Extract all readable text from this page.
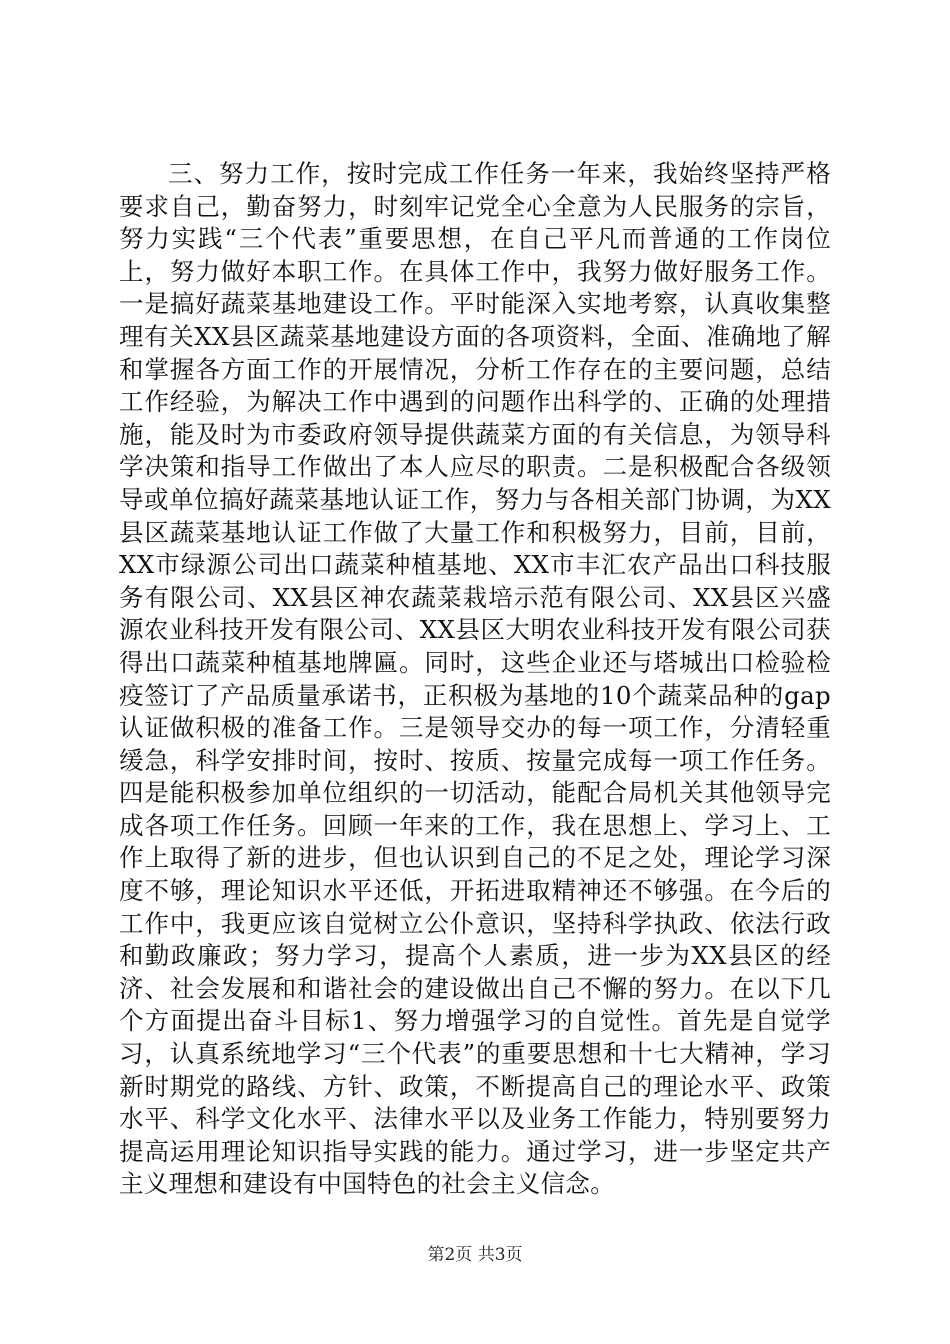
三、努力工作，按时完成工作任务一年来，我始终坚持严格要求自己，勤奋努力，时刻牢记党全心全意为人民服务的宗旨，努力实践“三个代表”重要思想，在自己平凡而普通的工作岗位上，努力做好本职工作。在具体工作中，我努力做好服务工作。一是搞好蔬菜基地建设工作。平时能深入实地考察，认真收集整理有关XX县区蔬菜基地建设方面的各项资料，全面、准确地了解和掌握各方面工作的开展情况，分析工作存在的主要问题，总结工作经验，为解决工作中遇到的问题作出科学的、正确的处理措施，能及时为市委政府领导提供蔬菜方面的有关信息，为领导科学决策和指导工作做出了本人应尽的职责。二是积极配合各级领导或单位搞好蔬菜基地认证工作，努力与各相关部门协调，为XX县区蔬菜基地认证工作做了大量工作和积极努力，目前，目前，XX市绿源公司出口蔬菜种植基地、XX市丰汇农产品出口科技服务有限公司、XX县区神农蔬菜栽培示范有限公司、XX县区兴盛源农业科技开发有限公司、XX县区大明农业科技开发有限公司获得出口蔬菜种植基地牌匾。同时，这些企业还与塔城出口检验检疫签订了产品质量承诺书，正积极为基地的10个蔬菜品种的gap认证做积极的准备工作。三是领导交办的每一项工作，分清轻重缓急，科学安排时间，按时、按质、按量完成每一项工作任务。四是能积极参加单位组织的一切活动，能配合局机关其他领导完成各项工作任务。回顾一年来的工作，我在思想上、学习上、工作上取得了新的进步，但也认识到自己的不足之处，理论学习深度不够，理论知识水平还低，开拓进取精神还不够强。在今后的工作中，我更应该自觉树立公仆意识，坚持科学执政、依法行政和勤政廉政；努力学习，提高个人素质，进一步为XX县区的经济、社会发展和和谐社会的建设做出自己不懈的努力。在以下几个方面提出奋斗目标1、努力增强学习的自觉性。首先是自觉学习，认真系统地学习“三个代表”的重要思想和十七大精神，学习新时期党的路线、方针、政策，不断提高自己的理论水平、政策水平、科学文化水平、法律水平以及业务工作能力，特别要努力提高运用理论知识指导实践的能力。通过学习，进一步坚定共产主义理想和建设有中国特色的社会主义信念。

第2页 共3页
